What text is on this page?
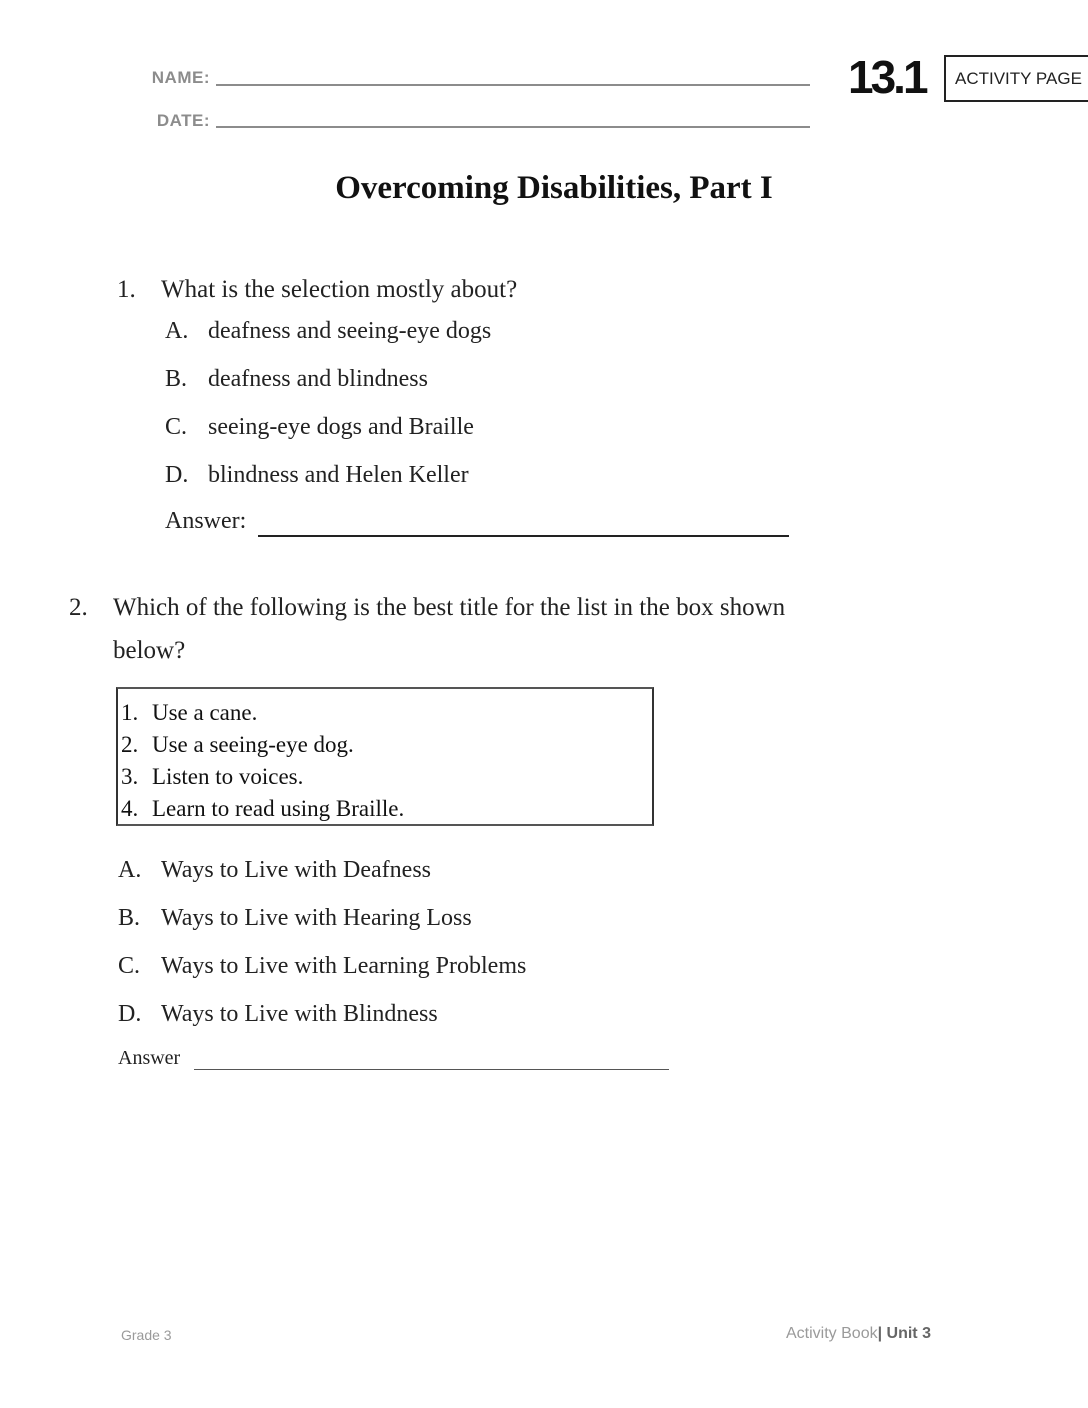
NAME:
DATE:
13.1 ACTIVITY PAGE
Overcoming Disabilities, Part I
1. What is the selection mostly about?
A. deafness and seeing-eye dogs
B. deafness and blindness
C. seeing-eye dogs and Braille
D. blindness and Helen Keller
Answer:
2. Which of the following is the best title for the list in the box shown
below?
1. Use a cane.
2. Use a seeing-eye dog.
3. Listen to voices.
4. Learn to read using Braille.
A. Ways to Live with Deafness
B. Ways to Live with Hearing Loss
C. Ways to Live with Learning Problems
D. Ways to Live with Blindness
Answer
Grade 3	Activity Book| Unit 3
